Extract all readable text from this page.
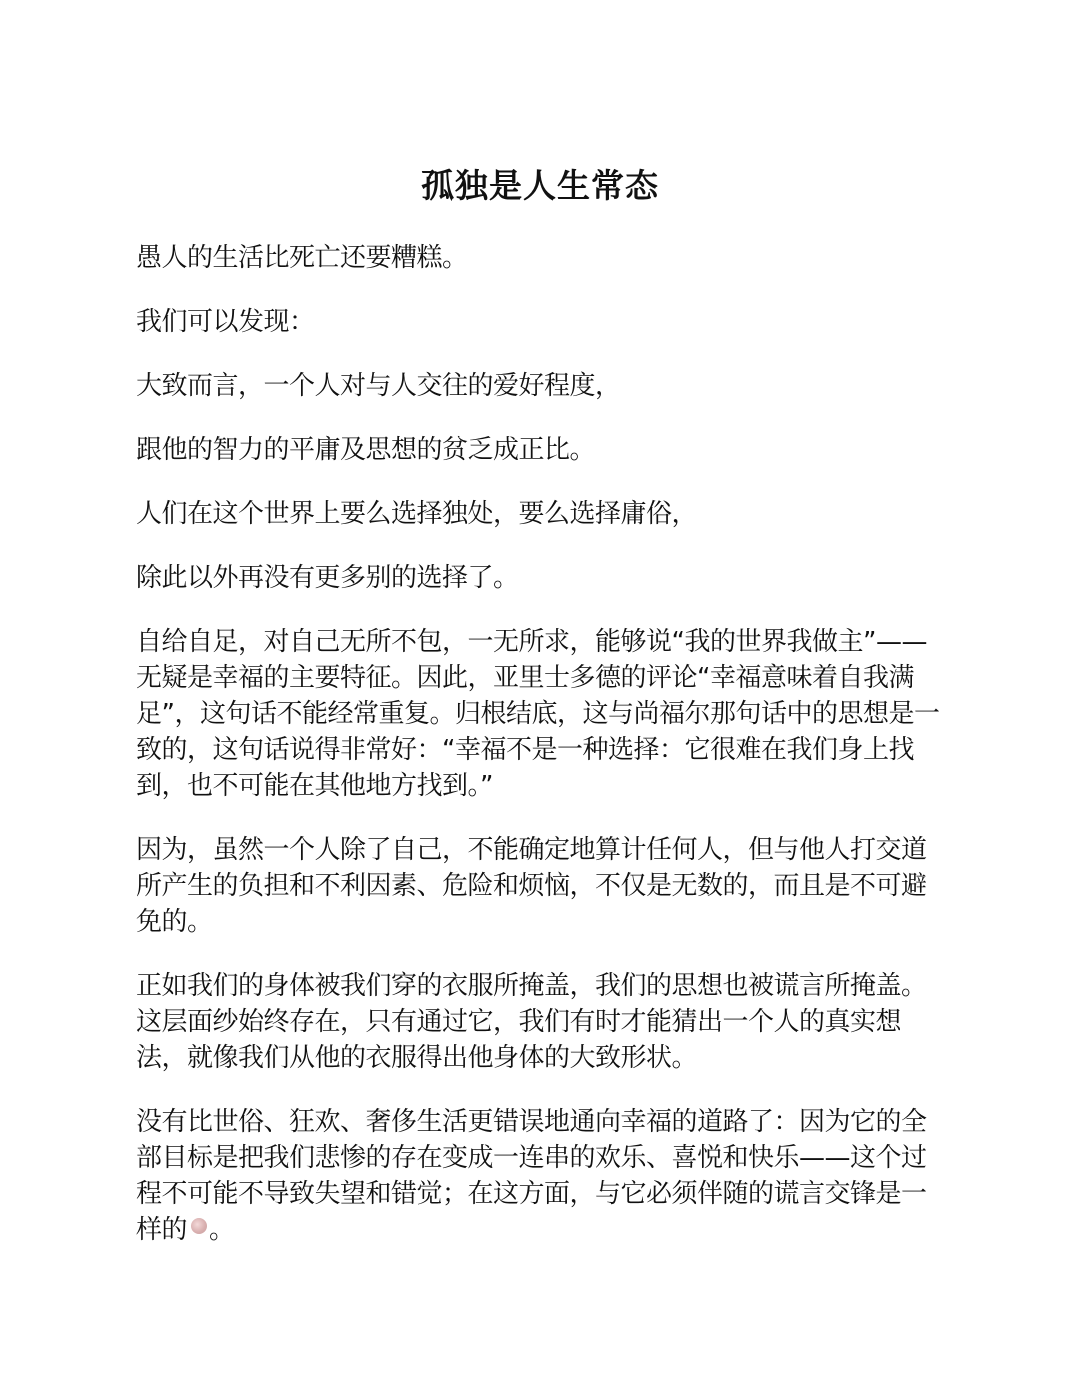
孤独是人生常态

愚人的生活比死亡还要糟糕。

我们可以发现：

大致而言，一个人对与人交往的爱好程度，

跟他的智力的平庸及思想的贫乏成正比。

人们在这个世界上要么选择独处，要么选择庸俗，

除此以外再没有更多别的选择了。

自给自足，对自己无所不包，一无所求，能够说“我的世界我做主”——无疑是幸福的主要特征。因此，亚里士多德的评论“幸福意味着自我满足”，这句话不能经常重复。归根结底，这与尚福尔那句话中的思想是一致的，这句话说得非常好：“幸福不是一种选择：它很难在我们身上找到，也不可能在其他地方找到。”

因为，虽然一个人除了自己，不能确定地算计任何人，但与他人打交道所产生的负担和不利因素、危险和烦恼，不仅是无数的，而且是不可避免的。

正如我们的身体被我们穿的衣服所掩盖，我们的思想也被谎言所掩盖。这层面纱始终存在，只有通过它，我们有时才能猜出一个人的真实想法，就像我们从他的衣服得出他身体的大致形状。

没有比世俗、狂欢、奢侈生活更错误地通向幸福的道路了：因为它的全部目标是把我们悲惨的存在变成一连串的欢乐、喜悦和快乐——这个过程不可能不导致失望和错觉；在这方面，与它必须伴随的谎言交锋是一样的 。
